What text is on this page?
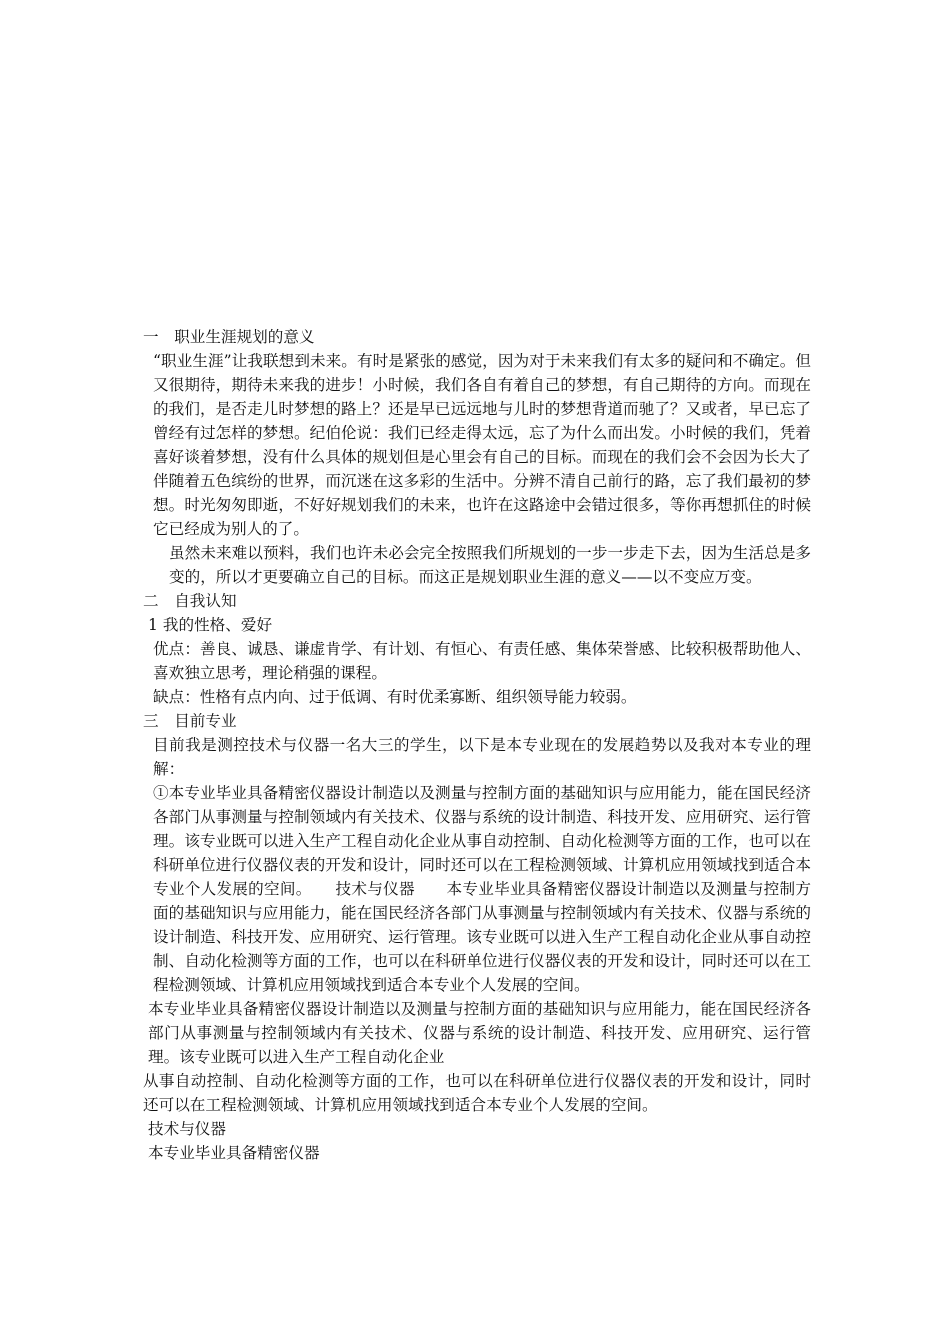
一　职业生涯规划的意义

“职业生涯”让我联想到未来。有时是紧张的感觉，因为对于未来我们有太多的疑问和不确定。但又很期待，期待未来我的进步！小时候，我们各自有着自己的梦想，有自己期待的方向。而现在的我们，是否走儿时梦想的路上？还是早已远远地与儿时的梦想背道而驰了？又或者，早已忘了曾经有过怎样的梦想。纪伯伦说：我们已经走得太远，忘了为什么而出发。小时候的我们，凭着喜好谈着梦想，没有什么具体的规划但是心里会有自己的目标。而现在的我们会不会因为长大了伴随着五色缤纷的世界，而沉迷在这多彩的生活中。分辨不清自己前行的路，忘了我们最初的梦想。时光匆匆即逝，不好好规划我们的未来，也许在这路途中会错过很多，等你再想抓住的时候它已经成为别人的了。

虽然未来难以预料，我们也许未必会完全按照我们所规划的一步一步走下去，因为生活总是多变的，所以才更要确立自己的目标。而这正是规划职业生涯的意义——以不变应万变。

二　自我认知

1 我的性格、爱好

优点：善良、诚恳、谦虚肯学、有计划、有恒心、有责任感、集体荣誉感、比较积极帮助他人、喜欢独立思考，理论稍强的课程。

缺点：性格有点内向、过于低调、有时优柔寡断、组织领导能力较弱。

三　目前专业

目前我是测控技术与仪器一名大三的学生，以下是本专业现在的发展趋势以及我对本专业的理解：

①本专业毕业具备精密仪器设计制造以及测量与控制方面的基础知识与应用能力，能在国民经济各部门从事测量与控制领域内有关技术、仪器与系统的设计制造、科技开发、应用研究、运行管理。该专业既可以进入生产工程自动化企业从事自动控制、自动化检测等方面的工作，也可以在科研单位进行仪器仪表的开发和设计，同时还可以在工程检测领域、计算机应用领域找到适合本专业个人发展的空间。　　技术与仪器　　本专业毕业具备精密仪器设计制造以及测量与控制方面的基础知识与应用能力，能在国民经济各部门从事测量与控制领域内有关技术、仪器与系统的设计制造、科技开发、应用研究、运行管理。该专业既可以进入生产工程自动化企业从事自动控制、自动化检测等方面的工作，也可以在科研单位进行仪器仪表的开发和设计，同时还可以在工程检测领域、计算机应用领域找到适合本专业个人发展的空间。

本专业毕业具备精密仪器设计制造以及测量与控制方面的基础知识与应用能力，能在国民经济各部门从事测量与控制领域内有关技术、仪器与系统的设计制造、科技开发、应用研究、运行管理。该专业既可以进入生产工程自动化企业

从事自动控制、自动化检测等方面的工作，也可以在科研单位进行仪器仪表的开发和设计，同时还可以在工程检测领域、计算机应用领域找到适合本专业个人发展的空间。

技术与仪器

本专业毕业具备精密仪器
